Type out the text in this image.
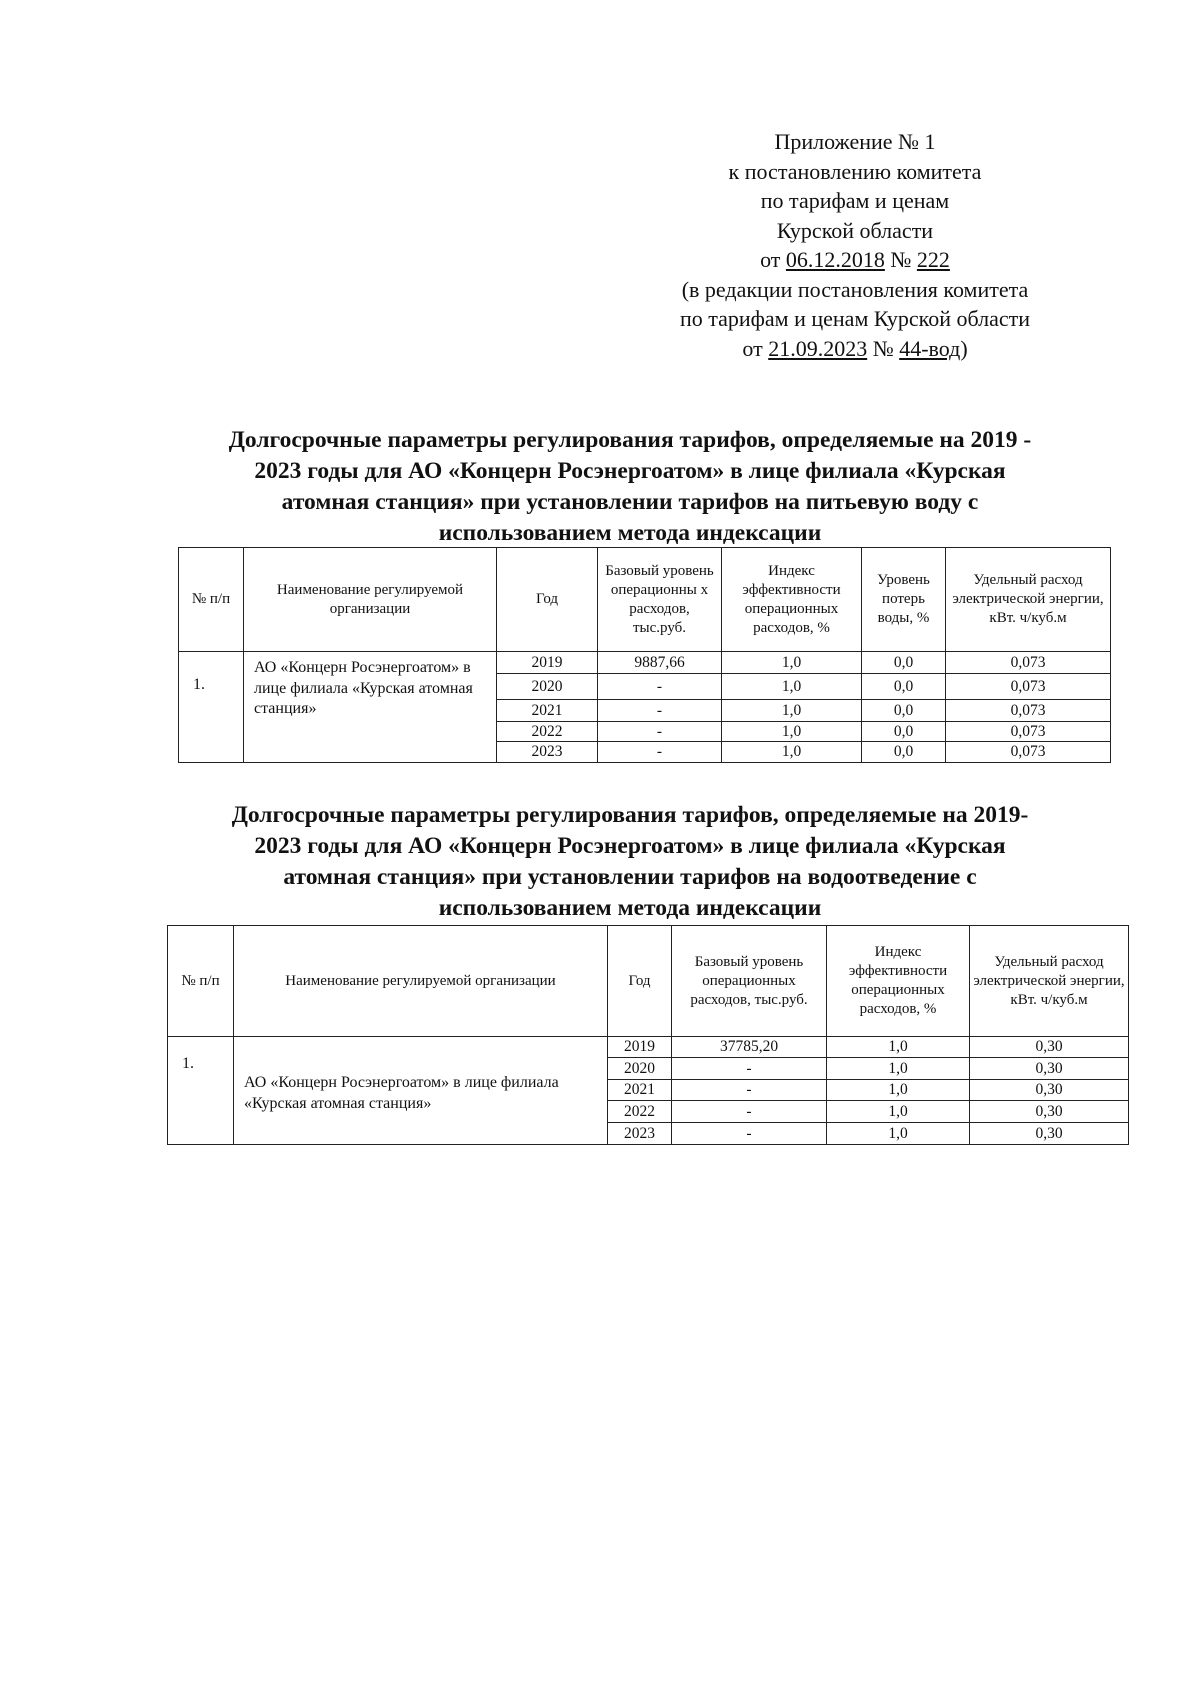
Приложение № 1
к постановлению комитета
по тарифам и ценам
Курской области
от 06.12.2018 № 222
(в редакции постановления комитета
по тарифам и ценам Курской области
от 21.09.2023 № 44-вод)
Долгосрочные параметры регулирования тарифов, определяемые на 2019 -
2023 годы для АО «Концерн Росэнергоатом» в лице филиала «Курская
атомная станция» при установлении тарифов на питьевую воду с
использованием метода индексации
№ п/п	Наименование регулируемой организации	Год	Базовый уровень операционны х расходов, тыс.руб.	Индекс эффективности операционных расходов, %	Уровень потерь воды, %	Удельный расход электрической энергии, кВт. ч/куб.м
1.	АО «Концерн Росэнергоатом» в лице филиала «Курская атомная станция»	2019	9887,66	1,0	0,0	0,073
		2020	-	1,0	0,0	0,073
		2021	-	1,0	0,0	0,073
		2022	-	1,0	0,0	0,073
		2023	-	1,0	0,0	0,073
Долгосрочные параметры регулирования тарифов, определяемые на 2019-
2023 годы для АО «Концерн Росэнергоатом» в лице филиала «Курская
атомная станция» при установлении тарифов на водоотведение с
использованием метода индексации
№ п/п	Наименование регулируемой организации	Год	Базовый уровень операционных расходов, тыс.руб.	Индекс эффективности операционных расходов, %	Удельный расход электрической энергии, кВт. ч/куб.м
1.	АО «Концерн Росэнергоатом» в лице филиала «Курская атомная станция»	2019	37785,20	1,0	0,30
		2020	-	1,0	0,30
		2021	-	1,0	0,30
		2022	-	1,0	0,30
		2023	-	1,0	0,30
